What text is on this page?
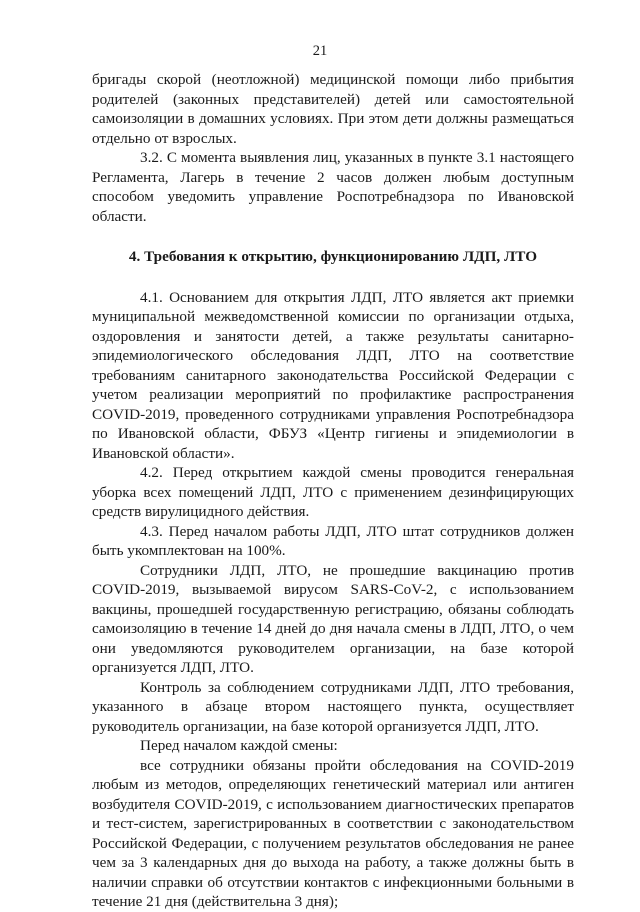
21

бригады скорой (неотложной) медицинской помощи либо прибытия родителей (законных представителей) детей или самостоятельной самоизоляции в домашних условиях. При этом дети должны размещаться отдельно от взрослых.

3.2. С момента выявления лиц, указанных в пункте 3.1 настоящего Регламента, Лагерь в течение 2 часов должен любым доступным способом уведомить управление Роспотребнадзора по Ивановской области.

4. Требования к открытию, функционированию ЛДП, ЛТО

4.1. Основанием для открытия ЛДП, ЛТО является акт приемки муниципальной межведомственной комиссии по организации отдыха, оздоровления и занятости детей, а также результаты санитарно-эпидемиологического обследования ЛДП, ЛТО на соответствие требованиям санитарного законодательства Российской Федерации с учетом реализации мероприятий по профилактике распространения COVID-2019, проведенного сотрудниками управления Роспотребнадзора по Ивановской области, ФБУЗ «Центр гигиены и эпидемиологии в Ивановской области».

4.2. Перед открытием каждой смены проводится генеральная уборка всех помещений ЛДП, ЛТО с применением дезинфицирующих средств вирулицидного действия.

4.3. Перед началом работы ЛДП, ЛТО штат сотрудников должен быть укомплектован на 100%.

Сотрудники ЛДП, ЛТО, не прошедшие вакцинацию против COVID-2019, вызываемой вирусом SARS-CoV-2, с использованием вакцины, прошедшей государственную регистрацию, обязаны соблюдать самоизоляцию в течение 14 дней до дня начала смены в ЛДП, ЛТО, о чем они уведомляются руководителем организации, на базе которой организуется ЛДП, ЛТО.

Контроль за соблюдением сотрудниками ЛДП, ЛТО требования, указанного в абзаце втором настоящего пункта, осуществляет руководитель организации, на базе которой организуется ЛДП, ЛТО.

Перед началом каждой смены:

все сотрудники обязаны пройти обследования на COVID-2019 любым из методов, определяющих генетический материал или антиген возбудителя COVID-2019, с использованием диагностических препаратов и тест-систем, зарегистрированных в соответствии с законодательством Российской Федерации, с получением результатов обследования не ранее чем за 3 календарных дня до выхода на работу, а также должны быть в наличии справки об отсутствии контактов с инфекционными больными в течение 21 дня (действительна 3 дня);
